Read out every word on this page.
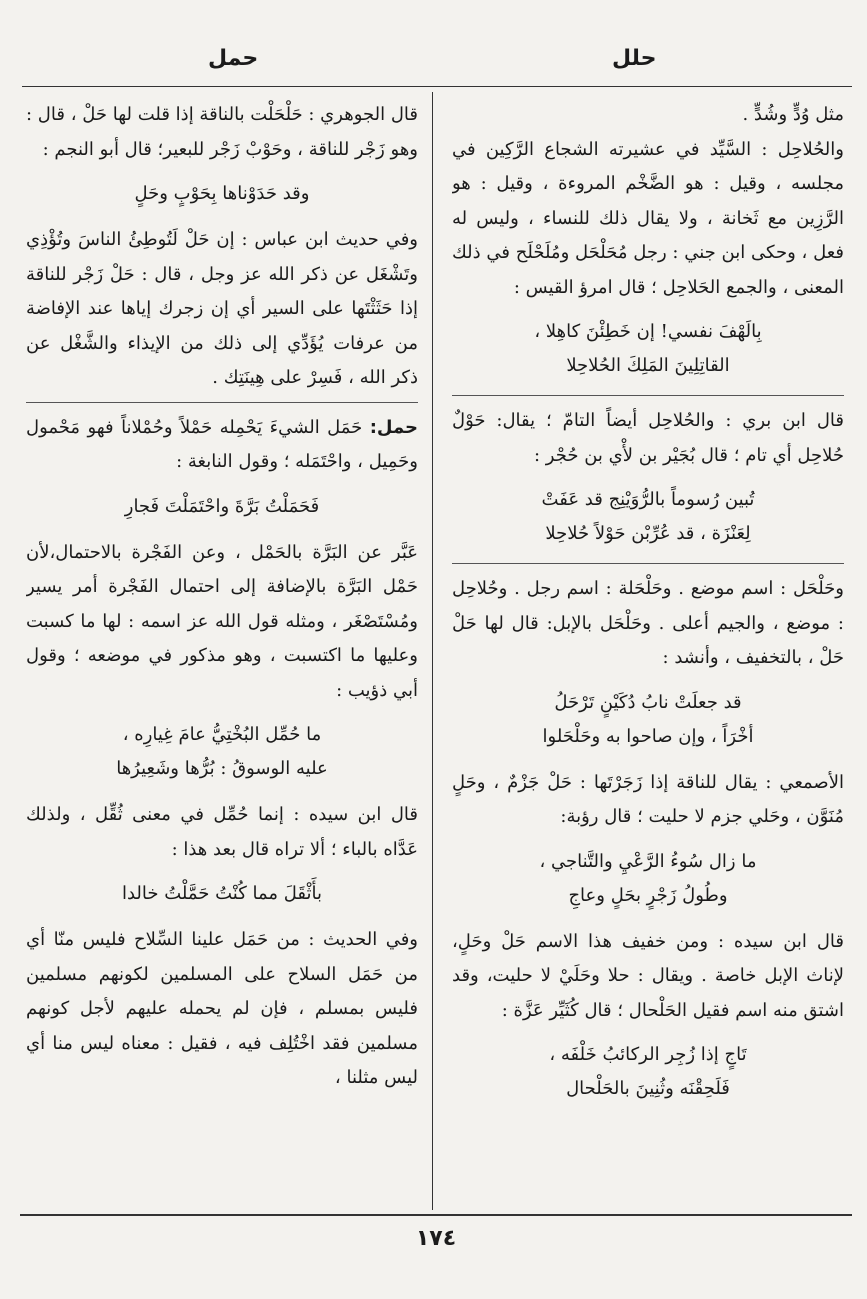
حلل
حمل
مثل وُدٍّ وشُدٍّ .
والحُلاحِل : السَّيِّد في عشيرته الشجاع الرَّكِين في مجلسه ، وقيل : هو الضَّخْم المروءة ، وقيل : هو الرَّزِين مع ثَخانة ، ولا يقال ذلك للنساء ، وليس له فعل ، وحكى ابن جني : رجل مُحَلْحَل ومُلَحْلَح في ذلك المعنى ، والجمع الحَلاحِل ؛ قال امرؤ القيس :
بِالَهْفَ نفسي! إن خَطِئْنَ كاهِلا ،
القاتِلِينَ المَلِكَ الحُلاحِلا
قال ابن بري : والحُلاحِل أيضاً التامّ ؛ يقال: حَوْلٌ حُلاحِل أي تام ؛ قال بُجَيْر بن لأْي بن حُجْر :
تُبين رُسوماً بالرُّوَيْنِج قد عَفَتْ
لِعَنْزَة ، قد عُرِّبْن حَوْلاً حُلاحِلا
وحَلْحَل : اسم موضع . وحَلْحَلة : اسم رجل . وحُلاحِل : موضع ، والجيم أعلى . وحَلْحَل بالإبل: قال لها حَلْ حَلْ ، بالتخفيف ، وأنشد :
قد جعلَتْ نابُ دُكَيْنٍ تَرْحَلُ
أخْرَاً ، وإن صاحوا به وحَلْحَلوا
الأصمعي : يقال للناقة إذا زَجَرْتَها : حَلْ جَزْمٌ ، وحَلٍ مُنَوَّن ، وحَلي جزم لا حليت ؛ قال رؤبة:
ما زال سُوءُ الرَّعْيِ والتَّناجي ،
وطُولُ زَجْرٍ بحَلٍ وعاجِ
قال ابن سيده : ومن خفيف هذا الاسم حَلْ وحَلٍ، لإناث الإبل خاصة . ويقال : حلا وحَلَيْ لا حليت، وقد اشتق منه اسم فقيل الحَلْحال ؛ قال كُثَيِّر عَزَّة :
تَاجٍ إذا زُجِر الركائبُ خَلْفَه ،
فَلَحِقْنَه وثُنِينَ بالحَلْحال
قال الجوهري : حَلْحَلْت بالناقة إذا قلت لها حَلْ ، قال : وهو زَجْر للناقة ، وحَوْبْ زَجْر للبعير؛ قال أبو النجم :
وقد حَدَوْناها بِحَوْبٍ وحَلٍ
وفي حديث ابن عباس : إن حَلْ لَتُوطِئُ الناسَ وتُؤْذِي وتَشْغَل عن ذكر الله عز وجل ، قال : حَلْ زَجْر للناقة إذا حَثَثْتَها على السير أي إن زجرك إياها عند الإفاضة من عرفات يُؤَدِّي إلى ذلك من الإيذاء والشَّغْل عن ذكر الله ، فَسِرْ على هِينَتِك .
حمل: حَمَل الشيءَ يَحْمِله حَمْلاً وحُمْلاناً فهو مَحْمول وحَمِيل ، واحْتَمَله ؛ وقول النابغة :
فَحَمَلْتُ بَرَّةَ واحْتَمَلْتَ فَجارِ
عَبَّر عن البَرَّة بالحَمْل ، وعن الفَجْرة بالاحتمال،لأن حَمْل البَرَّة بالإضافة إلى احتمال الفَجْرة أمر يسير ومُسْتَصْغَر ، ومثله قول الله عز اسمه : لها ما كسبت وعليها ما اكتسبت ، وهو مذكور في موضعه ؛ وقول أبي ذؤيب :
ما حُمِّل البُخْتِيُّ عامَ غِيارِه ،
عليه الوسوقُ : بُرُّها وشَعِيرُها
قال ابن سيده : إنما حُمِّل في معنى ثُقِّل ، ولذلك عَدَّاه بالباء ؛ ألا تراه قال بعد هذا :
بأَثْقَلَ مما كُنْتُ حَمَّلْتُ خالدا
وفي الحديث : من حَمَل علينا السِّلاح فليس منّا أي من حَمَل السلاح على المسلمين لكونهم مسلمين فليس بمسلم ، فإن لم يحمله عليهم لأجل كونهم مسلمين فقد اخْتُلِف فيه ، فقيل : معناه ليس منا أي ليس مثلنا ،
١٧٤
